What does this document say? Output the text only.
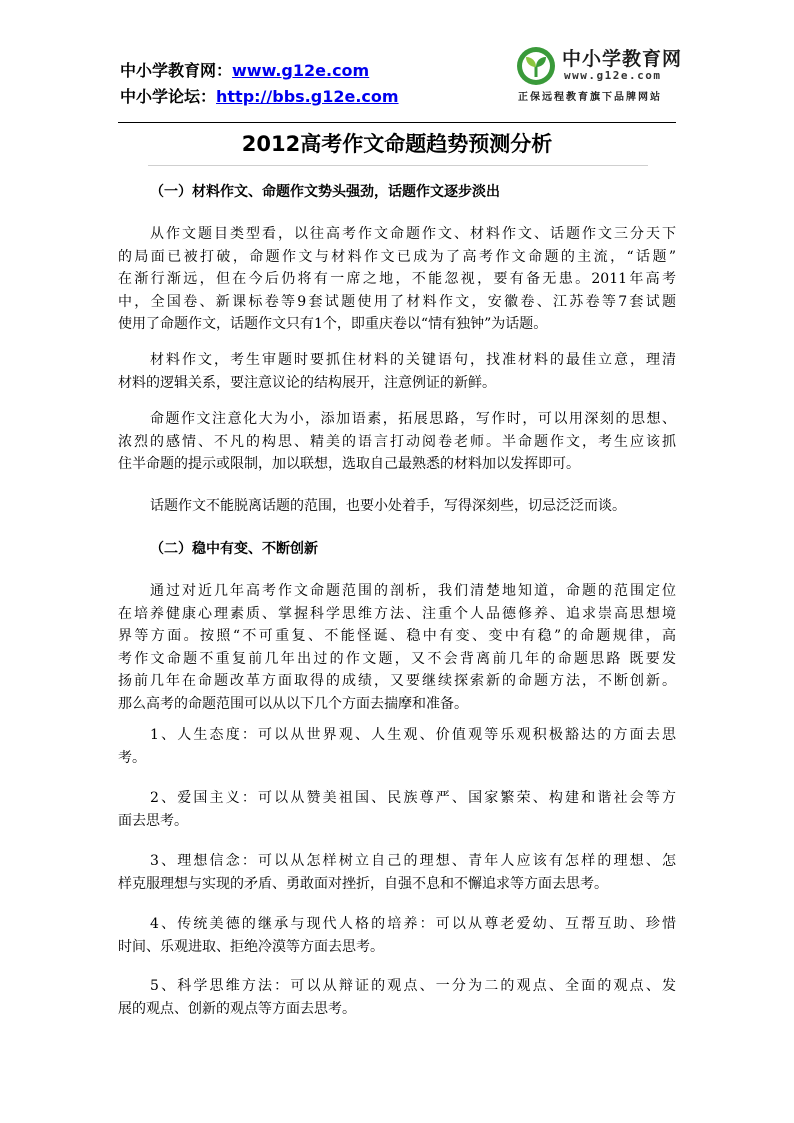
中小学教育网：www.g12e.com
中小学论坛：http://bbs.g12e.com
中小学教育网
www.g12e.com
正保远程教育旗下品牌网站
2012高考作文命题趋势预测分析
（一）材料作文、命题作文势头强劲，话题作文逐步淡出
从作文题目类型看，以往高考作文命题作文、材料作文、话题作文三分天下
的局面已被打破，命题作文与材料作文已成为了高考作文命题的主流，“话题”
在渐行渐远，但在今后仍将有一席之地，不能忽视，要有备无患。2011年高考
中，全国卷、新课标卷等9套试题使用了材料作文，安徽卷、江苏卷等7套试题
使用了命题作文，话题作文只有1个，即重庆卷以“情有独钟”为话题。
材料作文，考生审题时要抓住材料的关键语句，找准材料的最佳立意，理清
材料的逻辑关系，要注意议论的结构展开，注意例证的新鲜。
命题作文注意化大为小，添加语素，拓展思路，写作时，可以用深刻的思想、
浓烈的感情、不凡的构思、精美的语言打动阅卷老师。半命题作文，考生应该抓
住半命题的提示或限制，加以联想，选取自己最熟悉的材料加以发挥即可。
话题作文不能脱离话题的范围，也要小处着手，写得深刻些，切忌泛泛而谈。
（二）稳中有变、不断创新
通过对近几年高考作文命题范围的剖析，我们清楚地知道，命题的范围定位
在培养健康心理素质、掌握科学思维方法、注重个人品德修养、追求崇高思想境
界等方面。按照“不可重复、不能怪诞、稳中有变、变中有稳”的命题规律，高
考作文命题不重复前几年出过的作文题，又不会背离前几年的命题思路 既要发
扬前几年在命题改革方面取得的成绩，又要继续探索新的命题方法，不断创新。
那么高考的命题范围可以从以下几个方面去揣摩和准备。
1、人生态度：可以从世界观、人生观、价值观等乐观积极豁达的方面去思
考。
2、爱国主义：可以从赞美祖国、民族尊严、国家繁荣、构建和谐社会等方
面去思考。
3、理想信念：可以从怎样树立自己的理想、青年人应该有怎样的理想、怎
样克服理想与实现的矛盾、勇敢面对挫折，自强不息和不懈追求等方面去思考。
4、传统美德的继承与现代人格的培养：可以从尊老爱幼、互帮互助、珍惜
时间、乐观进取、拒绝冷漠等方面去思考。
5、科学思维方法：可以从辩证的观点、一分为二的观点、全面的观点、发
展的观点、创新的观点等方面去思考。
